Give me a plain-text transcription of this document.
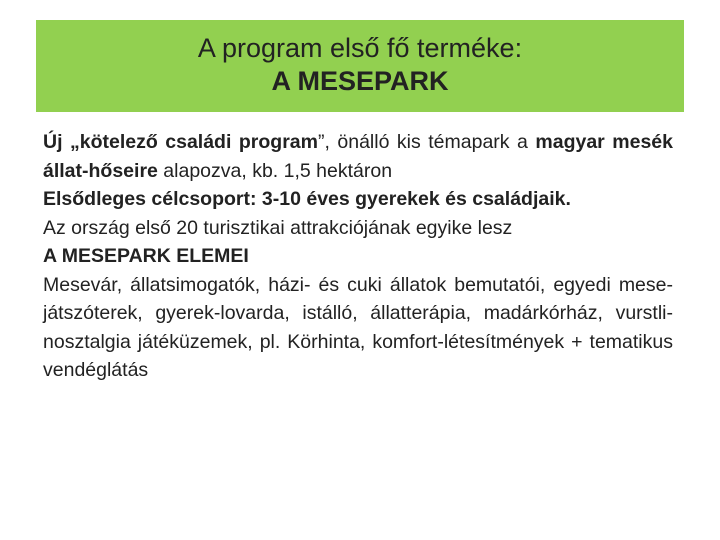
A program első fő terméke:
A MESEPARK

Új „kötelező családi program”, önálló kis témapark a magyar mesék állat-hőseire alapozva, kb. 1,5 hektáron

Elsődleges célcsoport: 3-10 éves gyerekek és családjaik.

Az ország első 20 turisztikai attrakciójának egyike lesz

A MESEPARK ELEMEI

Mesevár, állatsimogatók, házi- és cuki állatok bemutatói, egyedi mese-játszóterek, gyerek-lovarda, istálló, állatterápia, madárkórház, vurstli-nosztalgia játéküzemek, pl. Körhinta, komfort-létesítmények + tematikus vendéglátás
